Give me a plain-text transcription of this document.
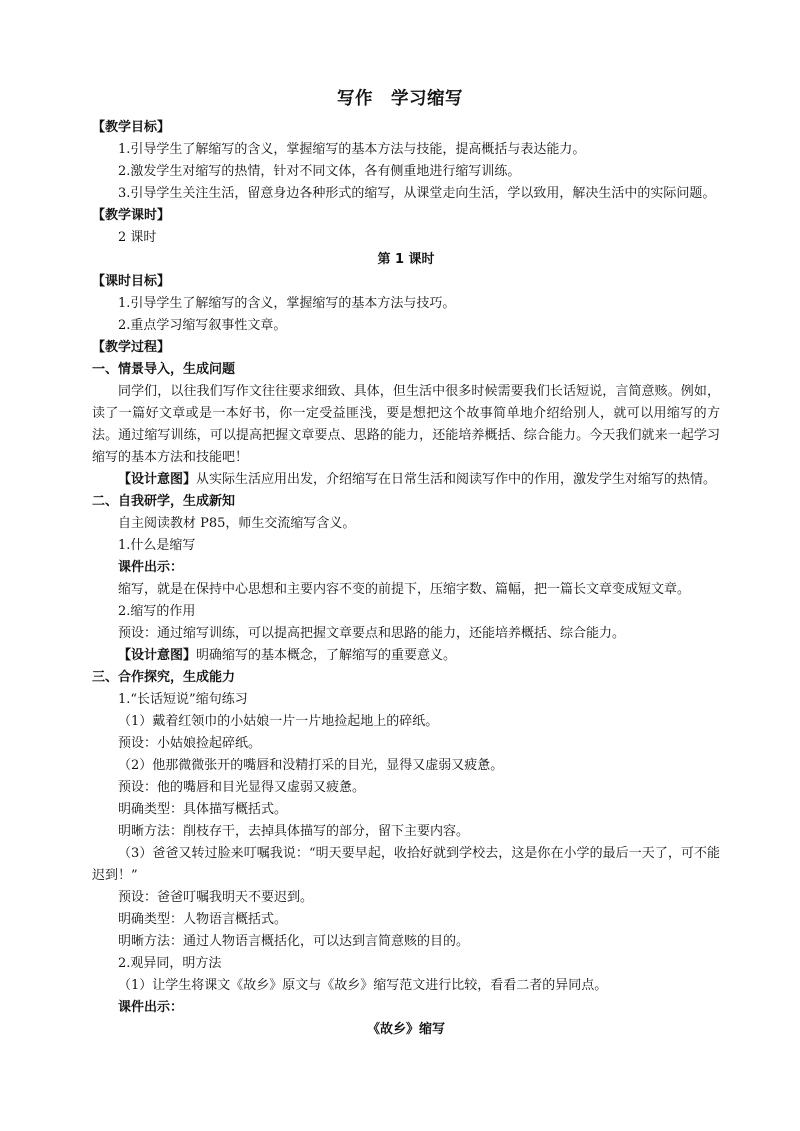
写作　学习缩写

【教学目标】

1.引导学生了解缩写的含义，掌握缩写的基本方法与技能，提高概括与表达能力。

2.激发学生对缩写的热情，针对不同文体，各有侧重地进行缩写训练。

3.引导学生关注生活，留意身边各种形式的缩写，从课堂走向生活，学以致用，解决生活中的实际问题。

【教学课时】

2 课时

第 1 课时

【课时目标】

1.引导学生了解缩写的含义，掌握缩写的基本方法与技巧。

2.重点学习缩写叙事性文章。

【教学过程】

一、情景导入，生成问题

同学们，以往我们写作文往往要求细致、具体，但生活中很多时候需要我们长话短说，言简意赅。例如，读了一篇好文章或是一本好书，你一定受益匪浅，要是想把这个故事简单地介绍给别人，就可以用缩写的方法。通过缩写训练，可以提高把握文章要点、思路的能力，还能培养概括、综合能力。今天我们就来一起学习缩写的基本方法和技能吧！

【设计意图】从实际生活应用出发，介绍缩写在日常生活和阅读写作中的作用，激发学生对缩写的热情。

二、自我研学，生成新知

自主阅读教材 P85，师生交流缩写含义。

1.什么是缩写

课件出示：

缩写，就是在保持中心思想和主要内容不变的前提下，压缩字数、篇幅，把一篇长文章变成短文章。

2.缩写的作用

预设：通过缩写训练，可以提高把握文章要点和思路的能力，还能培养概括、综合能力。

【设计意图】明确缩写的基本概念，了解缩写的重要意义。

三、合作探究，生成能力

1.“长话短说”缩句练习

（1）戴着红领巾的小姑娘一片一片地捡起地上的碎纸。

预设：小姑娘捡起碎纸。

（2）他那微微张开的嘴唇和没精打采的目光，显得又虚弱又疲惫。

预设：他的嘴唇和目光显得又虚弱又疲惫。

明确类型：具体描写概括式。

明晰方法：削枝存干，去掉具体描写的部分，留下主要内容。

（3）爸爸又转过脸来叮嘱我说：“明天要早起，收拾好就到学校去，这是你在小学的最后一天了，可不能迟到！”

预设：爸爸叮嘱我明天不要迟到。

明确类型：人物语言概括式。

明晰方法：通过人物语言概括化，可以达到言简意赅的目的。

2.观异同，明方法

（1）让学生将课文《故乡》原文与《故乡》缩写范文进行比较，看看二者的异同点。

课件出示：

《故乡》缩写
